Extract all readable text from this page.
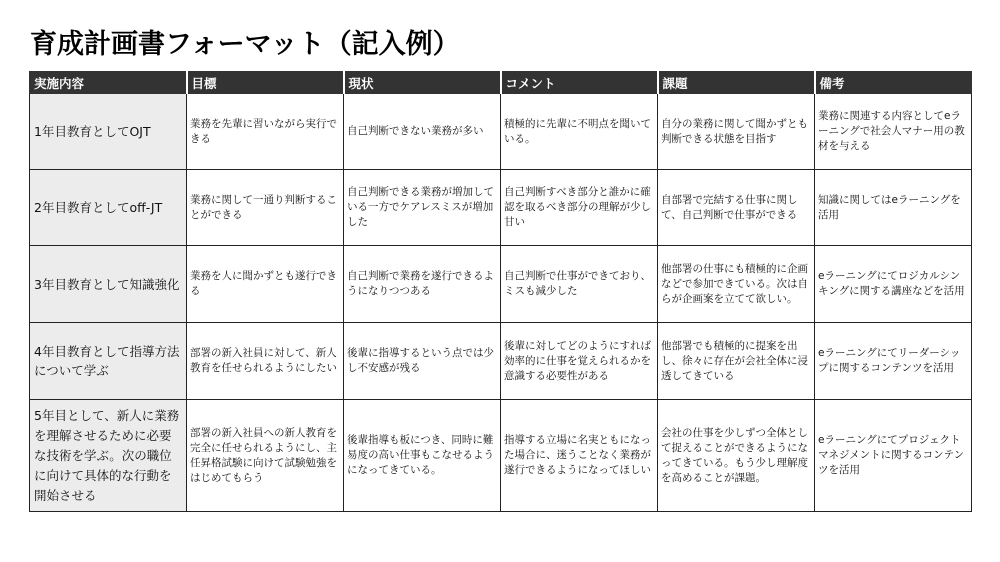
育成計画書フォーマット（記入例）
実施内容	目標	現状	コメント	課題	備考
1年目教育としてOJT	業務を先輩に習いながら実行できる	自己判断できない業務が多い	積極的に先輩に不明点を聞いている。	自分の業務に関して聞かずとも判断できる状態を目指す	業務に関連する内容としてeラーニングで社会人マナー用の教材を与える
2年目教育としてoff-JT	業務に関して一通り判断することができる	自己判断できる業務が増加している一方でケアレスミスが増加した	自己判断すべき部分と誰かに確認を取るべき部分の理解が少し甘い	自部署で完結する仕事に関して、自己判断で仕事ができる	知識に関してはeラーニングを活用
3年目教育として知識強化	業務を人に聞かずとも遂行できる	自己判断で業務を遂行できるようになりつつある	自己判断で仕事ができており、ミスも減少した	他部署の仕事にも積極的に企画などで参加できている。次は自らが企画案を立てて欲しい。	eラーニングにてロジカルシンキングに関する講座などを活用
4年目教育として指導方法について学ぶ	部署の新入社員に対して、新人教育を任せられるようにしたい	後輩に指導するという点では少し不安感が残る	後輩に対してどのようにすれば効率的に仕事を覚えられるかを意識する必要性がある	他部署でも積極的に提案を出し、徐々に存在が会社全体に浸透してきている	eラーニングにてリーダーシップに関するコンテンツを活用
5年目として、新人に業務を理解させるために必要な技術を学ぶ。次の職位に向けて具体的な行動を開始させる	部署の新入社員への新人教育を完全に任せられるようにし、主任昇格試験に向けて試験勉強をはじめてもらう	後輩指導も板につき、同時に難易度の高い仕事もこなせるようになってきている。	指導する立場に名実ともになった場合に、迷うことなく業務が遂行できるようになってほしい	会社の仕事を少しずつ全体として捉えることができるようになってきている。もう少し理解度を高めることが課題。	eラーニングにてプロジェクトマネジメントに関するコンテンツを活用
